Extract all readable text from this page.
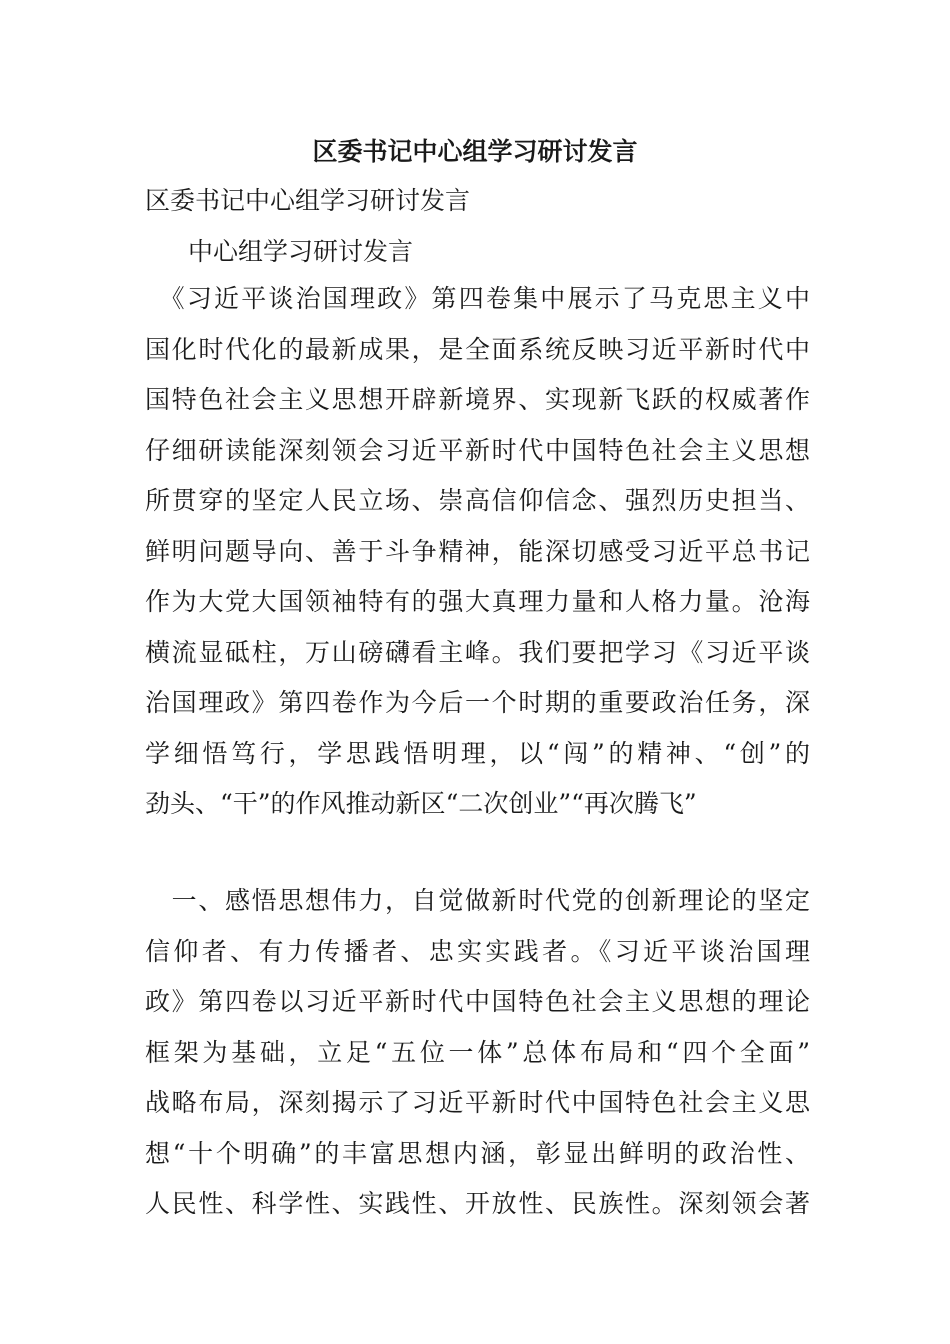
区委书记中心组学习研讨发言

区委书记中心组学习研讨发言

中心组学习研讨发言

　《习近平谈治国理政》第四卷集中展示了马克思主义中
国化时代化的最新成果，是全面系统反映习近平新时代中
国特色社会主义思想开辟新境界、实现新飞跃的权威著作
仔细研读能深刻领会习近平新时代中国特色社会主义思想
所贯穿的坚定人民立场、崇高信仰信念、强烈历史担当、
鲜明问题导向、善于斗争精神，能深切感受习近平总书记
作为大党大国领袖特有的强大真理力量和人格力量。沧海
横流显砥柱，万山磅礴看主峰。我们要把学习《习近平谈
治国理政》第四卷作为今后一个时期的重要政治任务，深
学细悟笃行，学思践悟明理，以“闯”的精神、“创”的
劲头、“干”的作风推动新区“二次创业”“再次腾飞”
　一、感悟思想伟力，自觉做新时代党的创新理论的坚定
信仰者、有力传播者、忠实实践者。《习近平谈治国理
政》第四卷以习近平新时代中国特色社会主义思想的理论
框架为基础，立足“五位一体”总体布局和“四个全面”
战略布局，深刻揭示了习近平新时代中国特色社会主义思
想“十个明确”的丰富思想内涵，彰显出鲜明的政治性、
人民性、科学性、实践性、开放性、民族性。深刻领会著
